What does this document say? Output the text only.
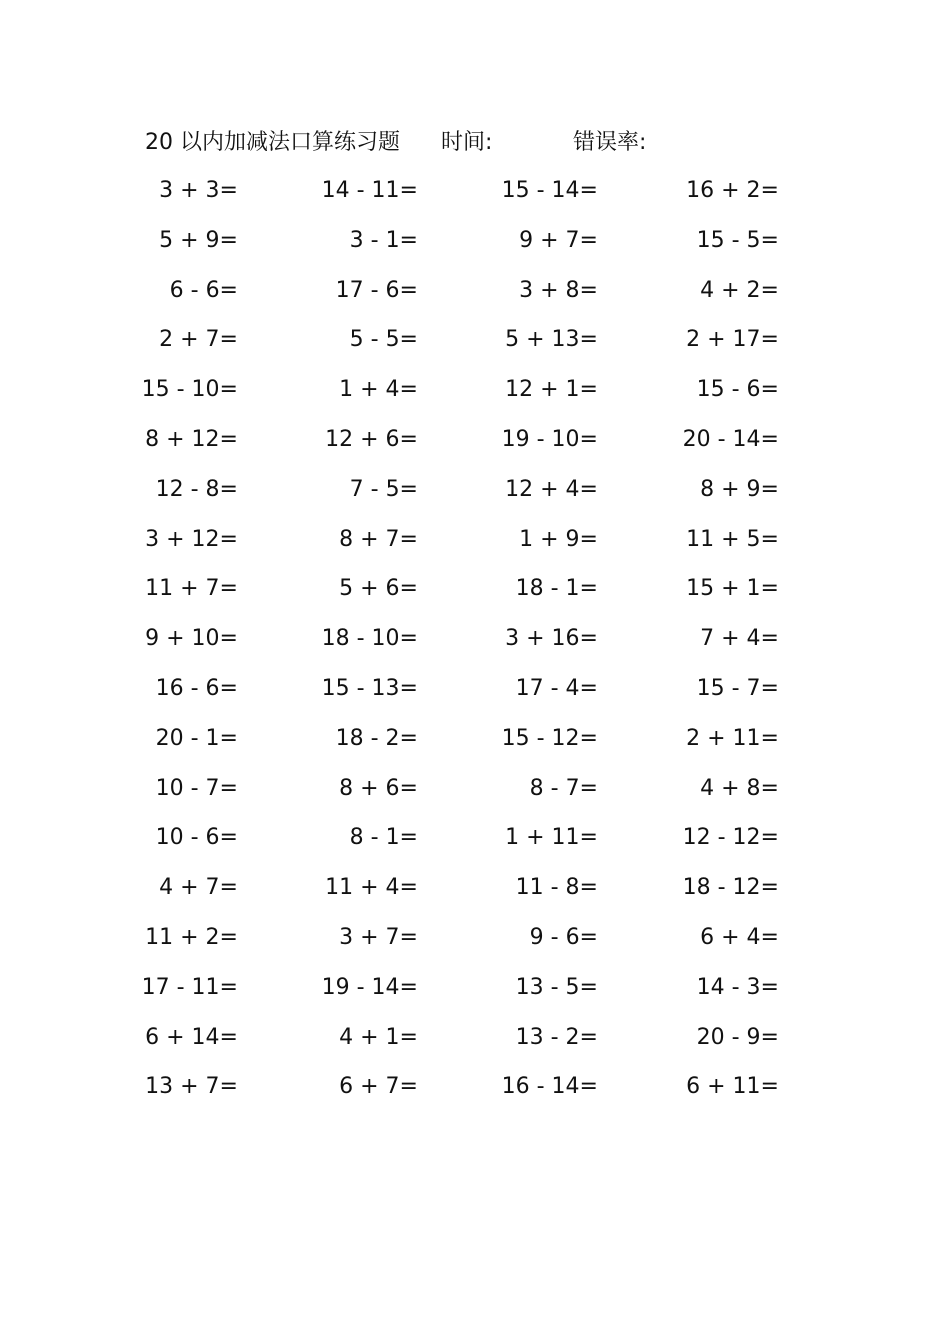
20 以内加减法口算练习题 时间:	错误率:
3 + 3=	14 - 11=	15 - 14=	16 + 2=
5 + 9=	3 - 1=	9 + 7=	15 - 5=
6 - 6=	17 - 6=	3 + 8=	4 + 2=
2 + 7=	5 - 5=	5 + 13=	2 + 17=
15 - 10=	1 + 4=	12 + 1=	15 - 6=
8 + 12=	12 + 6=	19 - 10=	20 - 14=
12 - 8=	7 - 5=	12 + 4=	8 + 9=
3 + 12=	8 + 7=	1 + 9=	11 + 5=
11 + 7=	5 + 6=	18 - 1=	15 + 1=
9 + 10=	18 - 10=	3 + 16=	7 + 4=
16 - 6=	15 - 13=	17 - 4=	15 - 7=
20 - 1=	18 - 2=	15 - 12=	2 + 11=
10 - 7=	8 + 6=	8 - 7=	4 + 8=
10 - 6=	8 - 1=	1 + 11=	12 - 12=
4 + 7=	11 + 4=	11 - 8=	18 - 12=
11 + 2=	3 + 7=	9 - 6=	6 + 4=
17 - 11=	19 - 14=	13 - 5=	14 - 3=
6 + 14=	4 + 1=	13 - 2=	20 - 9=
13 + 7=	6 + 7=	16 - 14=	6 + 11=
